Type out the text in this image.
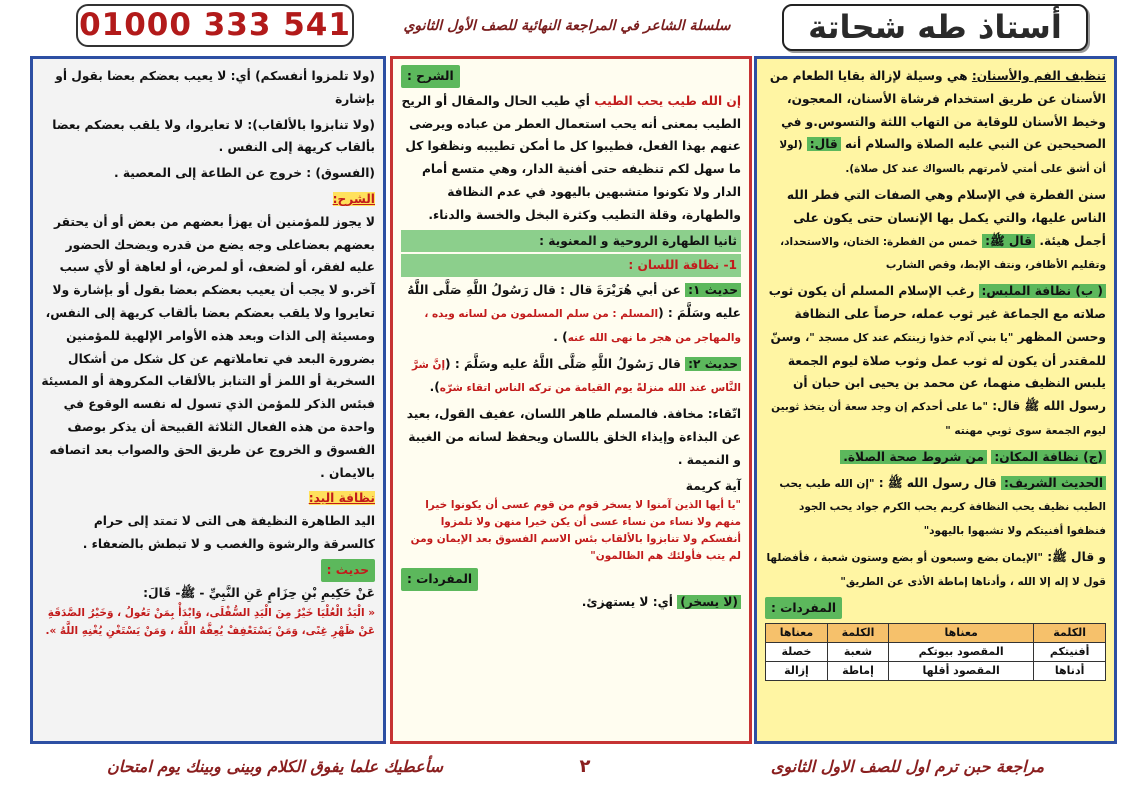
أستاذ طه شحاتة
سلسلة الشاعر في المراجعة النهائية للصف الأول الثانوي
01000 333 541

تنظيف الفم والأسنان: هي وسيلة لإزالة بقايا الطعام من الأسنان عن طريق استخدام فرشاة الأسنان، المعجون، وخيط الأسنان للوقاية من التهاب اللثة والتسوس.و في الصحيحين عن النبي عليه الصلاة والسلام أنه قال: (لولا أن أشق على أمتي لأمرتهم بالسواك عند كل صلاة).

سنن الفطرة في الإسلام وهي الصفات التي فطر الله الناس عليها، والتي يكمل بها الإنسان حتى يكون على أجمل هيئة. قال ﷺ: خمس من الفطرة: الختان، والاستحداد، وتقليم الأظافر، ونتف الإبط، وقص الشارب

( ب) نظافة الملبس: رغب الإسلام المسلم أن يكون ثوب صلاته مع الجماعة غير ثوب عمله، حرصاً على النظافة وحسن المظهر "يا بني آدم خذوا زينتكم عند كل مسجد "، وسنّ للمقتدر أن يكون له ثوب عمل وثوب صلاة ليوم الجمعة يلبس النظيف منهما، عن محمد بن يحيى ابن حبان أن رسول الله ﷺ قال: "ما على أحدكم إن وجد سعة أن يتخذ ثوبين ليوم الجمعة سوى ثوبي مهنته "

(ج) نظافة المكان: من شروط صحة الصلاة.

الحديث الشريف: قال رسول الله ﷺ : "إن الله طيب يحب الطيب نظيف يحب النظافة كريم يحب الكرم جواد يحب الجود فنظفوا أفنيتكم ولا تشبهوا باليهود"

و قال ﷺ: "الإيمان بضع وسبعون أو بضع وستون شعبة ، فأفضلها قول لا إله إلا الله ، وأدناها إماطة الأذى عن الطريق"

المفردات :

الكلمة	معناها	الكلمة	معناها
أفنيتكم	المقصود بيوتكم	شعبة	خصلة
أدناها	المقصود أقلها	إماطة	إزالة

الشرح :

إن الله طيب يحب الطيب أي طيب الحال والمقال أو الريح الطيب بمعنى أنه يحب استعمال العطر من عباده ويرضى عنهم بهذا الفعل، فطيبوا كل ما أمكن تطييبه ونظفوا كل ما سهل لكم تنظيفه حتى أفنية الدار، وهي متسع أمام الدار ولا تكونوا متشبهين باليهود في عدم النظافة والطهارة، وقلة التطيب وكثرة البخل والخسة والدناء.

ثانيا الطهارة الروحية و المعنوية :
1- نظافة اللسان :

حديث ١: عن أبي هُرَيْرَةَ قال : قال رَسُولُ اللَّهِ صَلَّى اللَّهُ عليه وسَلَّمَ : (المسلم : من سلم المسلمون من لسانه ويده ، والمهاجر من هجر ما نهى الله عنه) .

حديث ٢: قال رَسُولُ اللَّهِ صَلَّى اللَّهُ عليه وسَلَّمَ : (إنَّ شرَّ النَّاس عند الله منزلةً يوم القيامة من تركه الناس اتقاء شرّه).

اتّقاء: مخافة. فالمسلم طاهر اللسان، عفيف القول، بعيد عن البذاءة وإيذاء الخلق باللسان ويحفظ لسانه من الغيبة و النميمة .

آية كريمة

"يا أيها الذين آمنوا لا يسخر قوم من قوم عسى أن يكونوا خيرا منهم ولا نساء من نساء عسى أن يكن خيرا منهن ولا تلمزوا أنفسكم ولا تنابزوا بالألقاب بئس الاسم الفسوق بعد الإيمان ومن لم يتب فأولئك هم الظالمون"

المفردات :

(لا يسخر) أي: لا يستهزئ.

(ولا تلمزوا أنفسكم) أي: لا يعيب بعضكم بعضا بقول أو بإشارة

(ولا تنابزوا بالألقاب): لا تعايروا، ولا يلقب بعضكم بعضا بألقاب كريهة إلى النفس .

(الفسوق) : خروج عن الطاعة إلى المعصية .

الشرح:

لا يجوز للمؤمنين أن يهزأ بعضهم من بعض أو أن يحتقر بعضهم بعضاعلى وجه يضع من قدره ويضحك الحضور عليه لفقر، أو لضعف، أو لمرض، أو لعاهة أو لأي سبب آخر.و لا يجب أن يعيب بعضكم بعضا بقول أو بإشارة ولا تعايروا ولا يلقب بعضكم بعضا بألقاب كريهة إلى النفس، ومسيئة إلى الذات وبعد هذه الأوامر الإلهية للمؤمنين بضرورة البعد في تعاملاتهم عن كل شكل من أشكال السخرية أو اللمز أو التنابز بالألقاب المكروهة أو المسيئة فبئس الذكر للمؤمن الذي تسول له نفسه الوقوع في واحدة من هذه الفعال الثلاثة القبيحة أن يذكر بوصف الفسوق و الخروج عن طريق الحق والصواب بعد اتصافه بالايمان .

نظافة اليد:

اليد الطاهرة النظيفة هى التى لا تمتد إلى حرام كالسرقة والرشوة والغصب و لا تبطش بالضعفاء .

حديث :

عَنْ حَكِيمِ بْنِ حِزَامٍ عَنِ النَّبِيِّ - ﷺ- قَالَ:

« الْيَدُ الْعُلْيَا خَيْرٌ مِنَ الْيَدِ السُّفْلَى، وَابْدَأْ بِمَنْ تَعُولُ ، وَخَيْرُ الصَّدَقَةِ عَنْ ظَهْرِ غِنًى، وَمَنْ يَسْتَعْفِفْ يُعِفَّهُ اللَّهُ ، وَمَنْ يَسْتَغْنِ يُغْنِهِ اللَّهُ ».

مراجعة حبن ترم اول للصف الاول الثانوى
٢
سأعطيك علما يفوق الكلام وبينى وبينك يوم امتحان
